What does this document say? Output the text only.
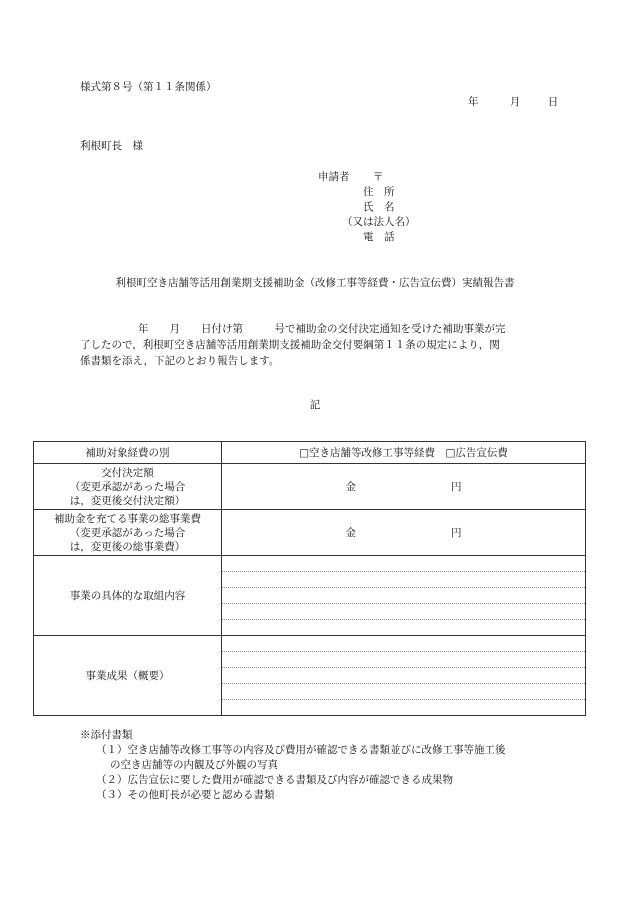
様式第８号（第１１条関係）
年	月	日
利根町長　様
申請者 〒
住　所
氏　名
（又は法人名）
電　話
利根町空き店舗等活用創業期支援補助金（改修工事等経費・広告宣伝費）実績報告書

年　　月　　日付け第　　　号で補助金の交付決定通知を受けた補助事業が完

了したので，利根町空き店舗等活用創業期支援補助金交付要綱第１１条の規定により，関

係書類を添え，下記のとおり報告します。

記
補助対象経費の別	□空き店舗等改修工事等経費　□広告宣伝費

交付決定額
（変更承認があった場合
は，変更後交付決定額）	金 円

補助金を充てる事業の総事業費
（変更承認があった場合
は，変更後の総事業費）	金 円
事業の具体的な取組内容	

事業成果（概要）	
※添付書類
（１）空き店舗等改修工事等の内容及び費用が確認できる書類並びに改修工事等施工後
の空き店舗等の内観及び外観の写真
（２）広告宣伝に要した費用が確認できる書類及び内容が確認できる成果物
（３）その他町長が必要と認める書類
